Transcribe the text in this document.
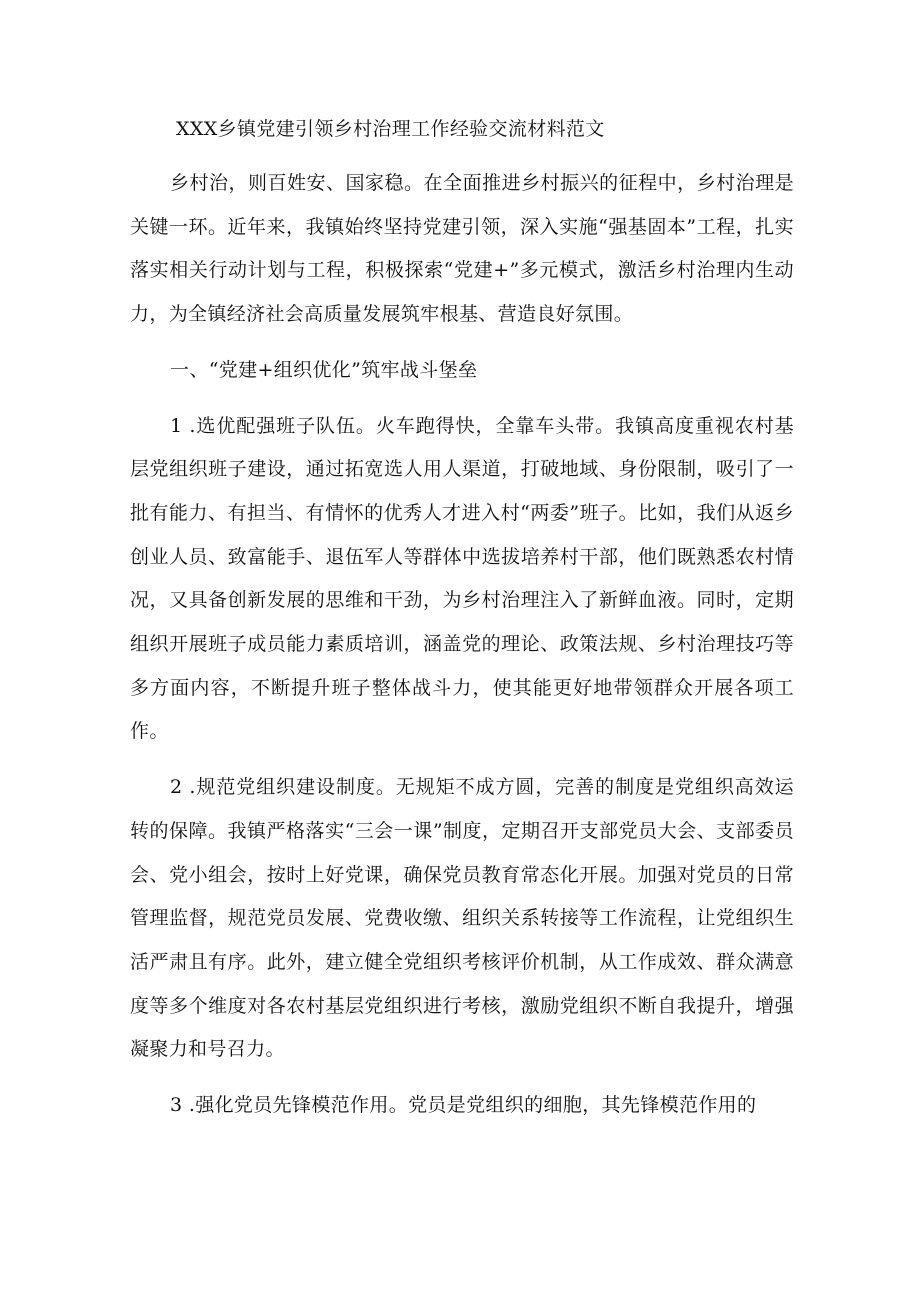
XXX乡镇党建引领乡村治理工作经验交流材料范文

乡村治，则百姓安、国家稳。在全面推进乡村振兴的征程中，乡村治理是关键一环。近年来，我镇始终坚持党建引领，深入实施“强基固本”工程，扎实落实相关行动计划与工程，积极探索“党建+”多元模式，激活乡村治理内生动力，为全镇经济社会高质量发展筑牢根基、营造良好氛围。

一、“党建+组织优化”筑牢战斗堡垒

1 .选优配强班子队伍。火车跑得快，全靠车头带。我镇高度重视农村基层党组织班子建设，通过拓宽选人用人渠道，打破地域、身份限制，吸引了一批有能力、有担当、有情怀的优秀人才进入村“两委”班子。比如，我们从返乡创业人员、致富能手、退伍军人等群体中选拔培养村干部，他们既熟悉农村情况，又具备创新发展的思维和干劲，为乡村治理注入了新鲜血液。同时，定期组织开展班子成员能力素质培训，涵盖党的理论、政策法规、乡村治理技巧等多方面内容，不断提升班子整体战斗力，使其能更好地带领群众开展各项工作。

2 .规范党组织建设制度。无规矩不成方圆，完善的制度是党组织高效运转的保障。我镇严格落实“三会一课”制度，定期召开支部党员大会、支部委员会、党小组会，按时上好党课，确保党员教育常态化开展。加强对党员的日常管理监督，规范党员发展、党费收缴、组织关系转接等工作流程，让党组织生活严肃且有序。此外，建立健全党组织考核评价机制，从工作成效、群众满意度等多个维度对各农村基层党组织进行考核，激励党组织不断自我提升，增强凝聚力和号召力。

3 .强化党员先锋模范作用。党员是党组织的细胞，其先锋模范作用的
